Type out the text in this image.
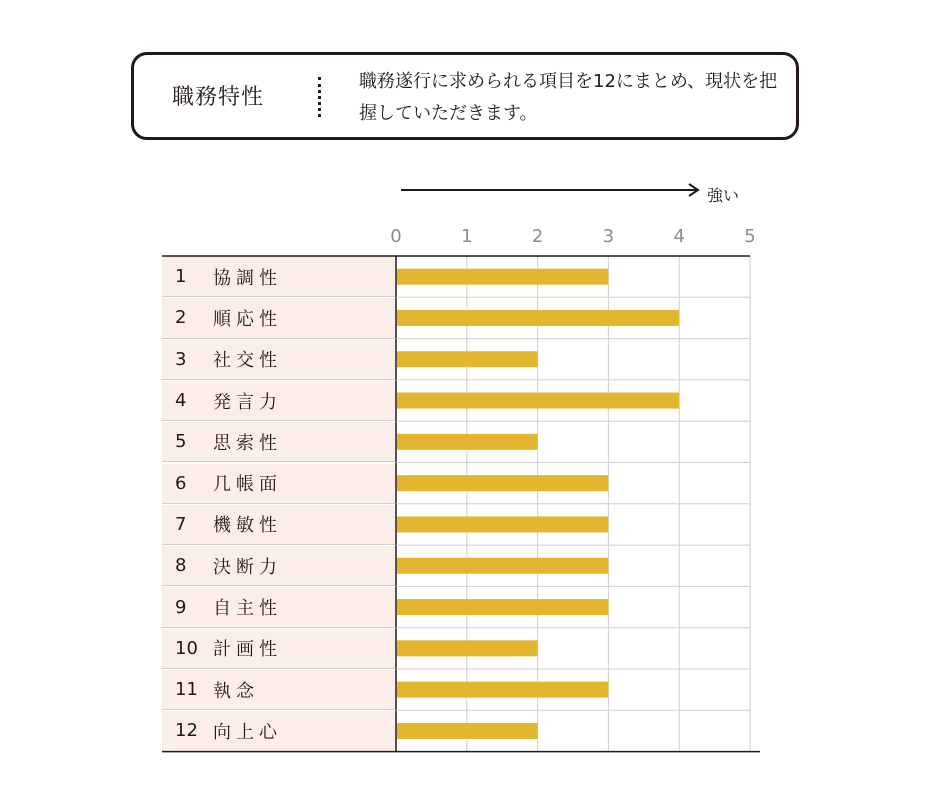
職務特性
職務遂行に求められる項目を12にまとめ、現状を把握していただきます。
強い
0	1	2	3	4	5
1	協調性
2	順応性
3	社交性
4	発言力
5	思索性
6	几帳面
7	機敏性
8	決断力
9	自主性
10 計画性
11 執念
12 向上心
